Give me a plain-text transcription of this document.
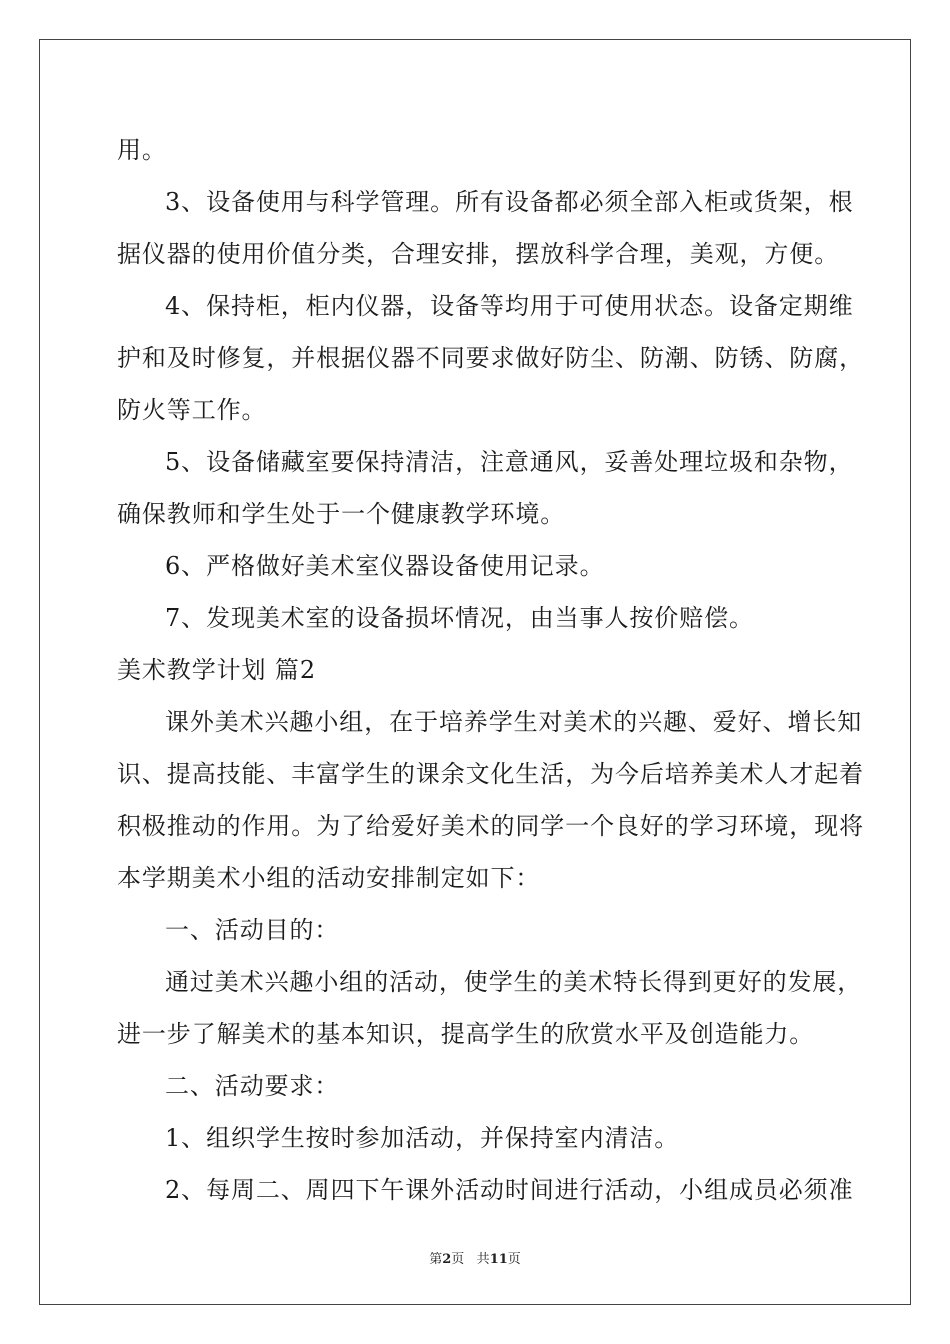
用。
3、设备使用与科学管理。所有设备都必须全部入柜或货架，根
据仪器的使用价值分类，合理安排，摆放科学合理，美观，方便。
4、保持柜，柜内仪器，设备等均用于可使用状态。设备定期维
护和及时修复，并根据仪器不同要求做好防尘、防潮、防锈、防腐，
防火等工作。
5、设备储藏室要保持清洁，注意通风，妥善处理垃圾和杂物，
确保教师和学生处于一个健康教学环境。
6、严格做好美术室仪器设备使用记录。
7、发现美术室的设备损坏情况，由当事人按价赔偿。
美术教学计划 篇2
课外美术兴趣小组，在于培养学生对美术的兴趣、爱好、增长知
识、提高技能、丰富学生的课余文化生活，为今后培养美术人才起着
积极推动的作用。为了给爱好美术的同学一个良好的学习环境，现将
本学期美术小组的活动安排制定如下：
一、活动目的：
通过美术兴趣小组的活动，使学生的美术特长得到更好的发展，
进一步了解美术的基本知识，提高学生的欣赏水平及创造能力。
二、活动要求：
1、组织学生按时参加活动，并保持室内清洁。
2、每周二、周四下午课外活动时间进行活动，小组成员必须准
第2页 共11页
